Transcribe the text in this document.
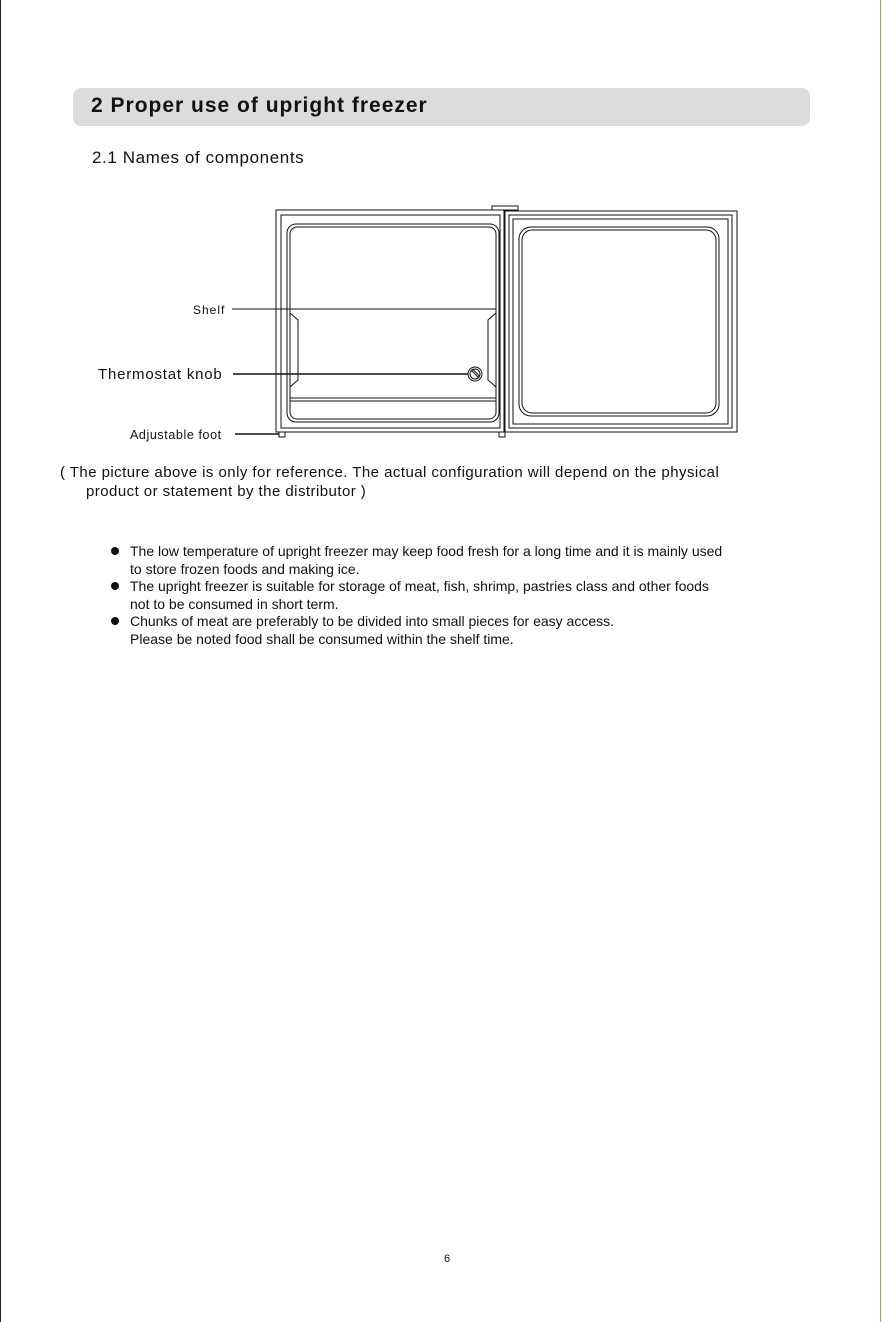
2 Proper use of upright freezer
2.1 Names of components
Shelf
Thermostat knob
Adjustable foot
( The picture above is only for reference. The actual configuration will depend on the physical
product or statement by the distributor )
The low temperature of upright freezer may keep food fresh for a long time and it is mainly used
to store frozen foods and making ice.
The upright freezer is suitable for storage of meat, fish, shrimp, pastries class and other foods
not to be consumed in short term.
Chunks of meat are preferably to be divided into small pieces for easy access.
Please be noted food shall be consumed within the shelf time.
6
